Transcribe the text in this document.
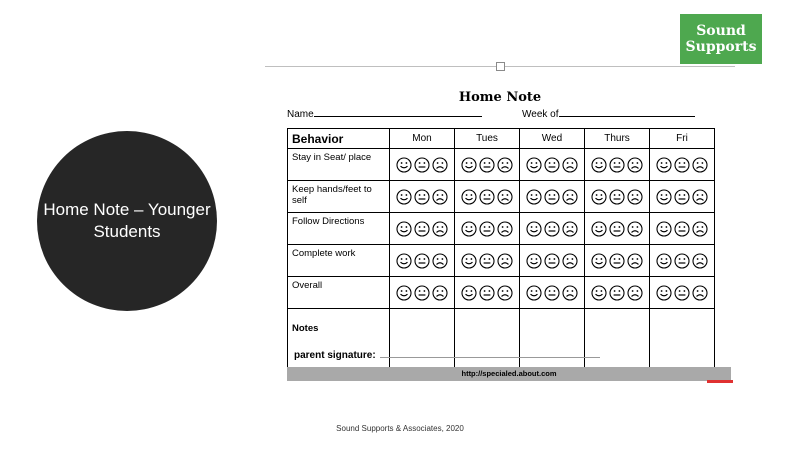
Sound
Supports
Home Note – Younger Students
Home Note
Name	Week of
Behavior	Mon	Tues	Wed	Thurs	Fri
Stay in Seat/ place					
Keep hands/feet to self					
Follow Directions					
Complete work					
Overall					
Notes					
parent signature:
http://specialed.about.com
Sound Supports & Associates, 2020
